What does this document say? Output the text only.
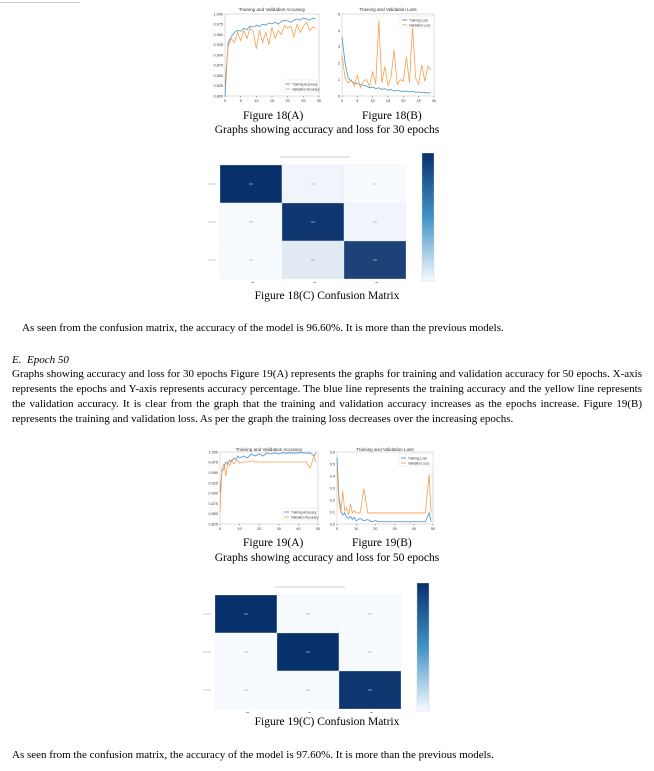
Training and Validation Accuracy
1.000
0.975
0.950
0.925
0.900
0.875
0.850
0.825
0.800
0	5	10	15	20	25	30
Training Accuracy
Validation Accuracy
Training and Validation Loss
5
4
3
2
1
0
0	5	10	15	20	25	30
Training Loss
Validation Loss
Figure 18(A)	Figure 18(B)
Graphs showing accuracy and loss for 30 epochs
Figure 18(C) Confusion Matrix
As seen from the confusion matrix, the accuracy of the model is 96.60%. It is more than the previous models.
E. Epoch 50
Graphs showing accuracy and loss for 30 epochs Figure 19(A) represents the graphs for training and validation accuracy for 50 epochs. X-axis represents the epochs and Y-axis represents accuracy percentage. The blue line represents the training accuracy and the yellow line represents the validation accuracy. It is clear from the graph that the training and validation accuracy increases as the epochs increase. Figure 19(B) represents the training and validation loss. As per the graph the training loss decreases over the increasing epochs.
Training and Validation Accuracy
1.000
0.975
0.950
0.925
0.900
0.875
0.850
0.825
0	10	20	30	40	50
Training Accuracy
Validation Accuracy
Training and Validation Loss
0.6
0.5
0.4
0.3
0.2
0.1
0.0
0	10	20	30	40	50
Training Loss
Validation Loss
Figure 19(A)	Figure 19(B)
Graphs showing accuracy and loss for 50 epochs
Figure 19(C) Confusion Matrix
As seen from the confusion matrix, the accuracy of the model is 97.60%. It is more than the previous models.
